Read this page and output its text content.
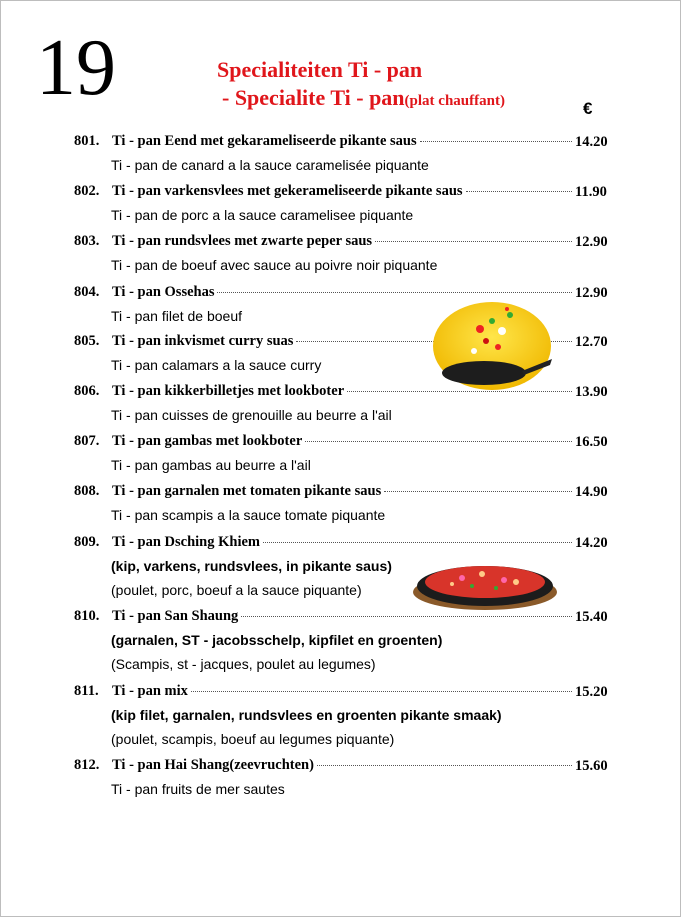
19	Specialiteiten Ti - pan
- Specialite Ti - pan(plat chauffant)	€
801. Ti - pan Eend met gekarameliseerde pikante saus	14.20
Ti - pan de canard a la sauce caramelisée piquante
802. Ti - pan varkensvlees met gekerameliseerde pikante saus	11.90
Ti - pan de porc a la sauce caramelisee piquante
803. Ti - pan rundsvlees met zwarte peper saus	12.90
Ti - pan de boeuf avec sauce au poivre noir piquante
804. Ti - pan Ossehas	12.90
Ti - pan filet de boeuf
805. Ti - pan inkvismet curry suas	12.70
Ti - pan calamars a la sauce curry
806. Ti - pan kikkerbilletjes met lookboter	13.90
Ti - pan cuisses de grenouille au beurre a l'ail
807. Ti - pan gambas met lookboter	16.50
Ti - pan gambas au beurre a l'ail
808. Ti - pan garnalen met tomaten pikante saus	14.90
Ti - pan scampis a la sauce tomate piquante
809. Ti - pan Dsching Khiem	14.20
(kip, varkens, rundsvlees, in pikante saus)
(poulet, porc, boeuf a la sauce piquante)
810. Ti - pan San Shaung	15.40
(garnalen, ST - jacobsschelp, kipfilet en groenten)
(Scampis, st - jacques, poulet au legumes)
811. Ti - pan mix	15.20
(kip filet, garnalen, rundsvlees en groenten pikante smaak)
(poulet, scampis, boeuf au legumes piquante)
812. Ti - pan Hai Shang(zeevruchten)	15.60
Ti - pan fruits de mer sautes
